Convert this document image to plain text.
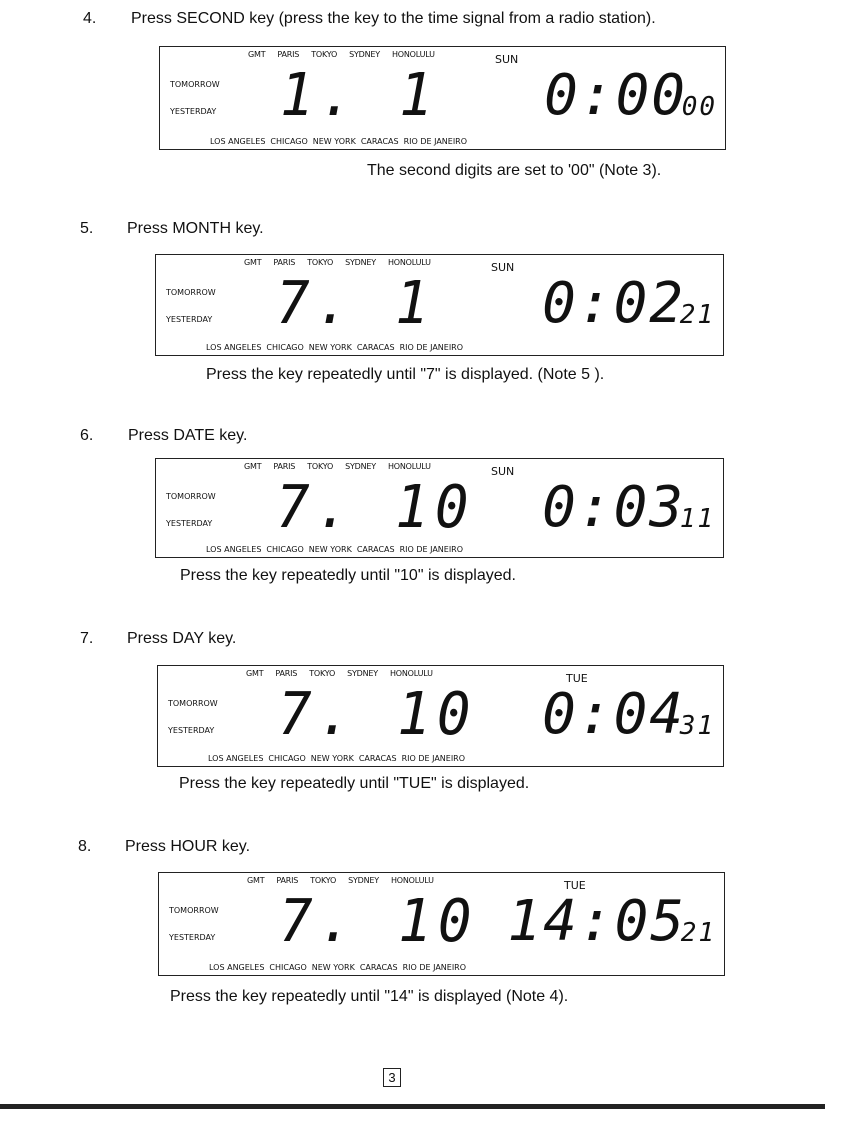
4. Press SECOND key (press the key to the time signal from a radio station).
GMT PARIS TOKYO SYDNEY HONOLULU	SUN
TOMORROW
YESTERDAY 1. 1 0:00
00
LOS ANGELES CHICAGO NEW YORK CARACAS RIO DE JANEIRO
The second digits are set to '00" (Note 3).
5. Press MONTH key.
GMT PARIS TOKYO SYDNEY HONOLULU	SUN
TOMORROW
YESTERDAY 7. 1 0:02
21
LOS ANGELES CHICAGO NEW YORK CARACAS RIO DE JANEIRO
Press the key repeatedly until "7" is displayed. (Note 5 ).
6. Press DATE key.
GMT PARIS TOKYO SYDNEY HONOLULU	SUN
TOMORROW
YESTERDAY 7. 10 0:03
11
LOS ANGELES CHICAGO NEW YORK CARACAS RIO DE JANEIRO
Press the key repeatedly until "10" is displayed.
7. Press DAY key.
GMT PARIS TOKYO SYDNEY HONOLULU	TUE
TOMORROW
YESTERDAY 7. 10 0:04
31
LOS ANGELES CHICAGO NEW YORK CARACAS RIO DE JANEIRO
Press the key repeatedly until "TUE" is displayed.
8. Press HOUR key.
GMT PARIS TOKYO SYDNEY HONOLULU	TUE
TOMORROW
YESTERDAY 7. 10 14:05
21
LOS ANGELES CHICAGO NEW YORK CARACAS RIO DE JANEIRO
Press the key repeatedly until "14" is displayed (Note 4).
3
